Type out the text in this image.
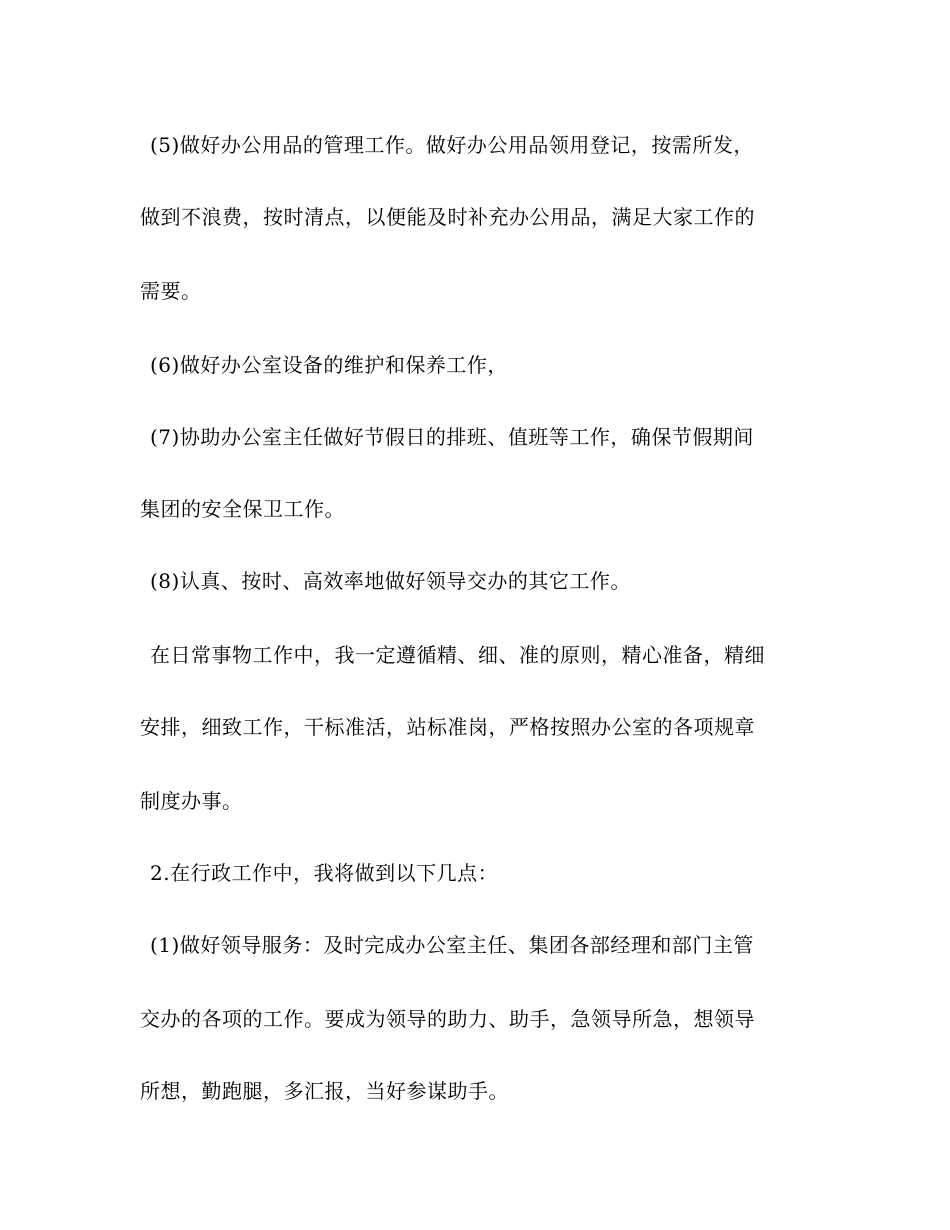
(5)做好办公用品的管理工作。做好办公用品领用登记，按需所发，
做到不浪费，按时清点，以便能及时补充办公用品，满足大家工作的
需要。
(6)做好办公室设备的维护和保养工作，
(7)协助办公室主任做好节假日的排班、值班等工作，确保节假期间
集团的安全保卫工作。
(8)认真、按时、高效率地做好领导交办的其它工作。
在日常事物工作中，我一定遵循精、细、准的原则，精心准备，精细
安排，细致工作，干标准活，站标准岗，严格按照办公室的各项规章
制度办事。
2.在行政工作中，我将做到以下几点：
(1)做好领导服务：及时完成办公室主任、集团各部经理和部门主管
交办的各项的工作。要成为领导的助力、助手，急领导所急，想领导
所想，勤跑腿，多汇报，当好参谋助手。
